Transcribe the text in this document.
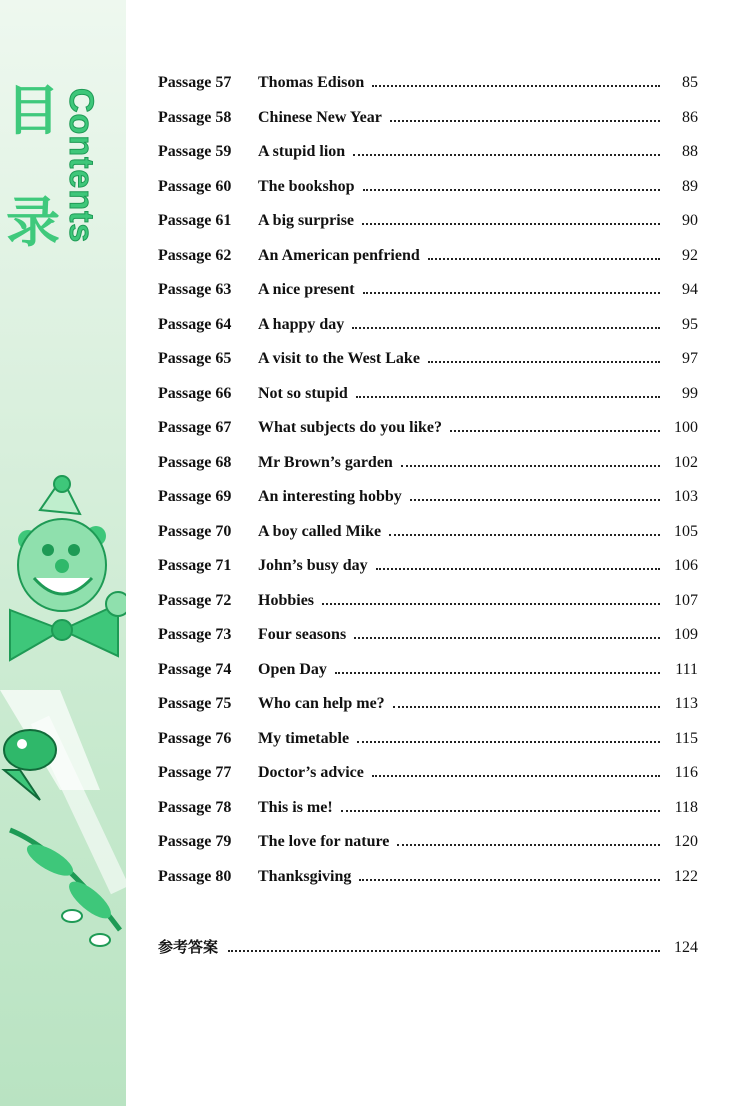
目
录 Contents
Passage 57	Thomas Edison	85
Passage 58	Chinese New Year	86
Passage 59	A stupid lion	88
Passage 60	The bookshop	89
Passage 61	A big surprise	90
Passage 62	An American penfriend	92
Passage 63	A nice present	94
Passage 64	A happy day	95
Passage 65	A visit to the West Lake	97
Passage 66	Not so stupid	99
Passage 67	What subjects do you like?	100
Passage 68	Mr Brown’s garden	102
Passage 69	An interesting hobby	103
Passage 70	A boy called Mike	105
Passage 71	John’s busy day	106
Passage 72	Hobbies	107
Passage 73	Four seasons	109
Passage 74	Open Day	111
Passage 75	Who can help me?	113
Passage 76	My timetable	115
Passage 77	Doctor’s advice	116
Passage 78	This is me!	118
Passage 79	The love for nature	120
Passage 80	Thanksgiving	122
参考答案	124
